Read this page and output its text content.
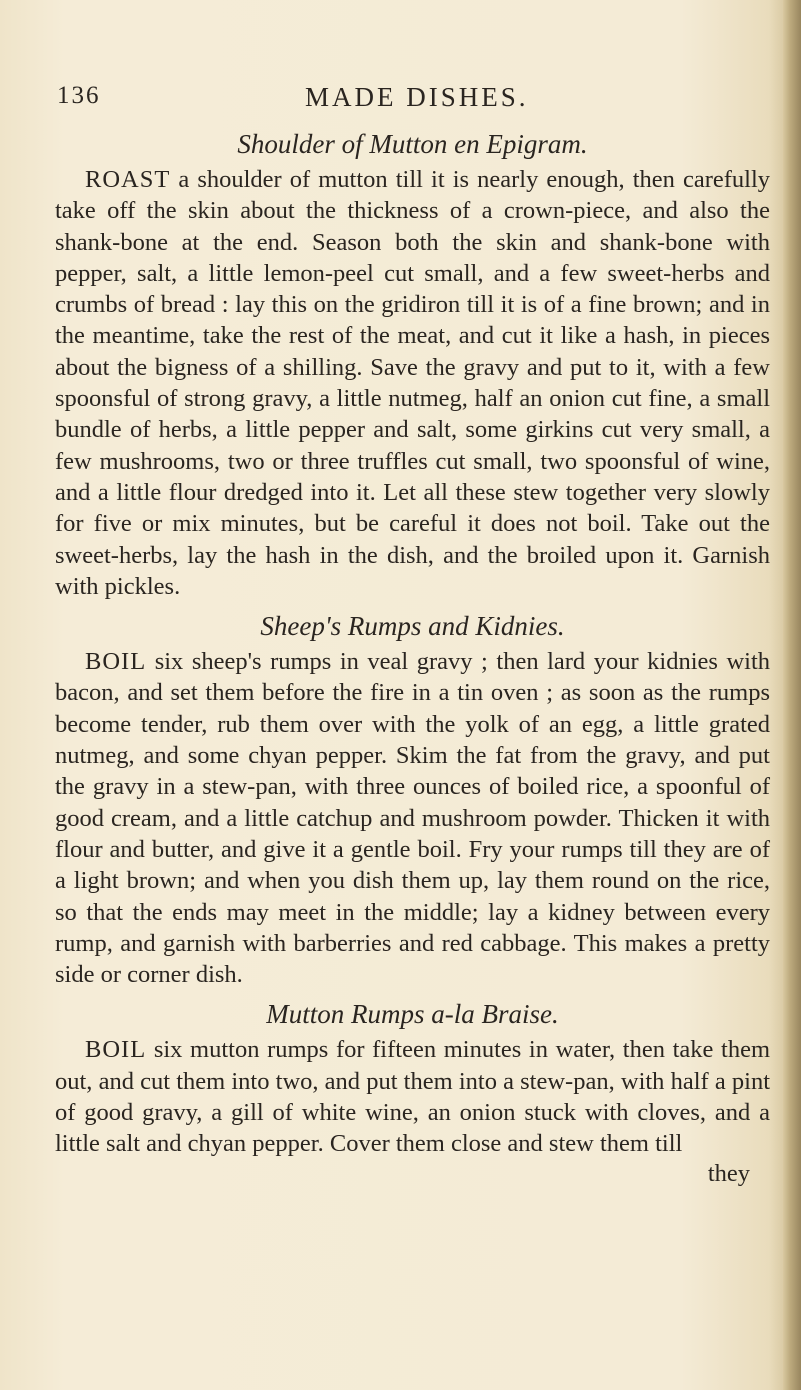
136	MADE DISHES.
Shoulder of Mutton en Epigram.

ROAST a shoulder of mutton till it is nearly enough, then carefully take off the skin about the thickness of a crown-piece, and also the shank-bone at the end. Season both the skin and shank-bone with pepper, salt, a little lemon-peel cut small, and a few sweet-herbs and crumbs of bread : lay this on the gridiron till it is of a fine brown; and in the meantime, take the rest of the meat, and cut it like a hash, in pieces about the bigness of a shilling. Save the gravy and put to it, with a few spoonsful of strong gravy, a little nutmeg, half an onion cut fine, a small bundle of herbs, a little pepper and salt, some girkins cut very small, a few mushrooms, two or three truffles cut small, two spoonsful of wine, and a little flour dredged into it. Let all these stew together very slowly for five or mix minutes, but be careful it does not boil. Take out the sweet-herbs, lay the hash in the dish, and the broiled upon it. Garnish with pickles.

Sheep's Rumps and Kidnies.

BOIL six sheep's rumps in veal gravy ; then lard your kidnies with bacon, and set them before the fire in a tin oven ; as soon as the rumps become tender, rub them over with the yolk of an egg, a little grated nutmeg, and some chyan pepper. Skim the fat from the gravy, and put the gravy in a stew-pan, with three ounces of boiled rice, a spoonful of good cream, and a little catchup and mushroom powder. Thicken it with flour and butter, and give it a gentle boil. Fry your rumps till they are of a light brown; and when you dish them up, lay them round on the rice, so that the ends may meet in the middle; lay a kidney between every rump, and garnish with barberries and red cabbage. This makes a pretty side or corner dish.

Mutton Rumps a-la Braise.

BOIL six mutton rumps for fifteen minutes in water, then take them out, and cut them into two, and put them into a stew-pan, with half a pint of good gravy, a gill of white wine, an onion stuck with cloves, and a little salt and chyan pepper. Cover them close and stew them till

they
